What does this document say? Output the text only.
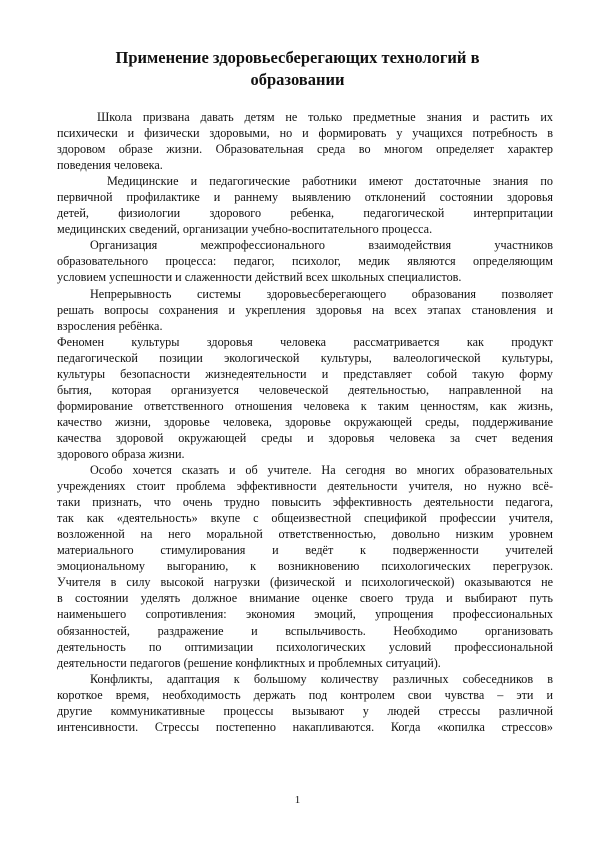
Применение здоровьесберегающих технологий в
образовании
Школа призвана давать детям не только предметные знания и растить их
психически и физически здоровыми, но и формировать у учащихся потребность в
здоровом образе жизни. Образовательная среда во многом определяет характер
поведения человека.
Медицинские и педагогические работники имеют достаточные знания по
первичной профилактике и раннему выявлению отклонений состоянии здоровья
детей, физиологии здорового ребенка, педагогической интерпритации
медицинских сведений, организации учебно-воспитательного процесса.
Организация межпрофессионального взаимодействия участников
образовательного процесса: педагог, психолог, медик являются определяющим
условием успешности и слаженности действий всех школьных специалистов.
Непрерывность системы здоровьесберегающего образования позволяет
решать вопросы сохранения и укрепления здоровья на всех этапах становления и
взросления ребёнка.
Феномен культуры здоровья человека рассматривается как продукт
педагогической позиции экологической культуры, валеологической культуры,
культуры безопасности жизнедеятельности и представляет собой такую форму
бытия, которая организуется человеческой деятельностью, направленной на
формирование ответственного отношения человека к таким ценностям, как жизнь,
качество жизни, здоровье человека, здоровье окружающей среды, поддерживание
качества здоровой окружающей среды и здоровья человека за счет ведения
здорового образа жизни.
Особо хочется сказать и об учителе. На сегодня во многих образовательных
учреждениях стоит проблема эффективности деятельности учителя, но нужно всё-
таки признать, что очень трудно повысить эффективность деятельности педагога,
так как «деятельность» вкупе с общеизвестной спецификой профессии учителя,
возложенной на него моральной ответственностью, довольно низким уровнем
материального стимулирования и ведёт к подверженности учителей
эмоциональному выгоранию, к возникновению психологических перегрузок.
Учителя в силу высокой нагрузки (физической и психологической) оказываются не
в состоянии уделять должное внимание оценке своего труда и выбирают путь
наименьшего сопротивления: экономия эмоций, упрощения профессиональных
обязанностей, раздражение и вспыльчивость. Необходимо организовать
деятельность по оптимизации психологических условий профессиональной
деятельности педагогов (решение конфликтных и проблемных ситуаций).
Конфликты, адаптация к большому количеству различных собеседников в
короткое время, необходимость держать под контролем свои чувства – эти и
другие коммуникативные процессы вызывают у людей стрессы различной
интенсивности. Стрессы постепенно накапливаются. Когда «копилка стрессов»
1
